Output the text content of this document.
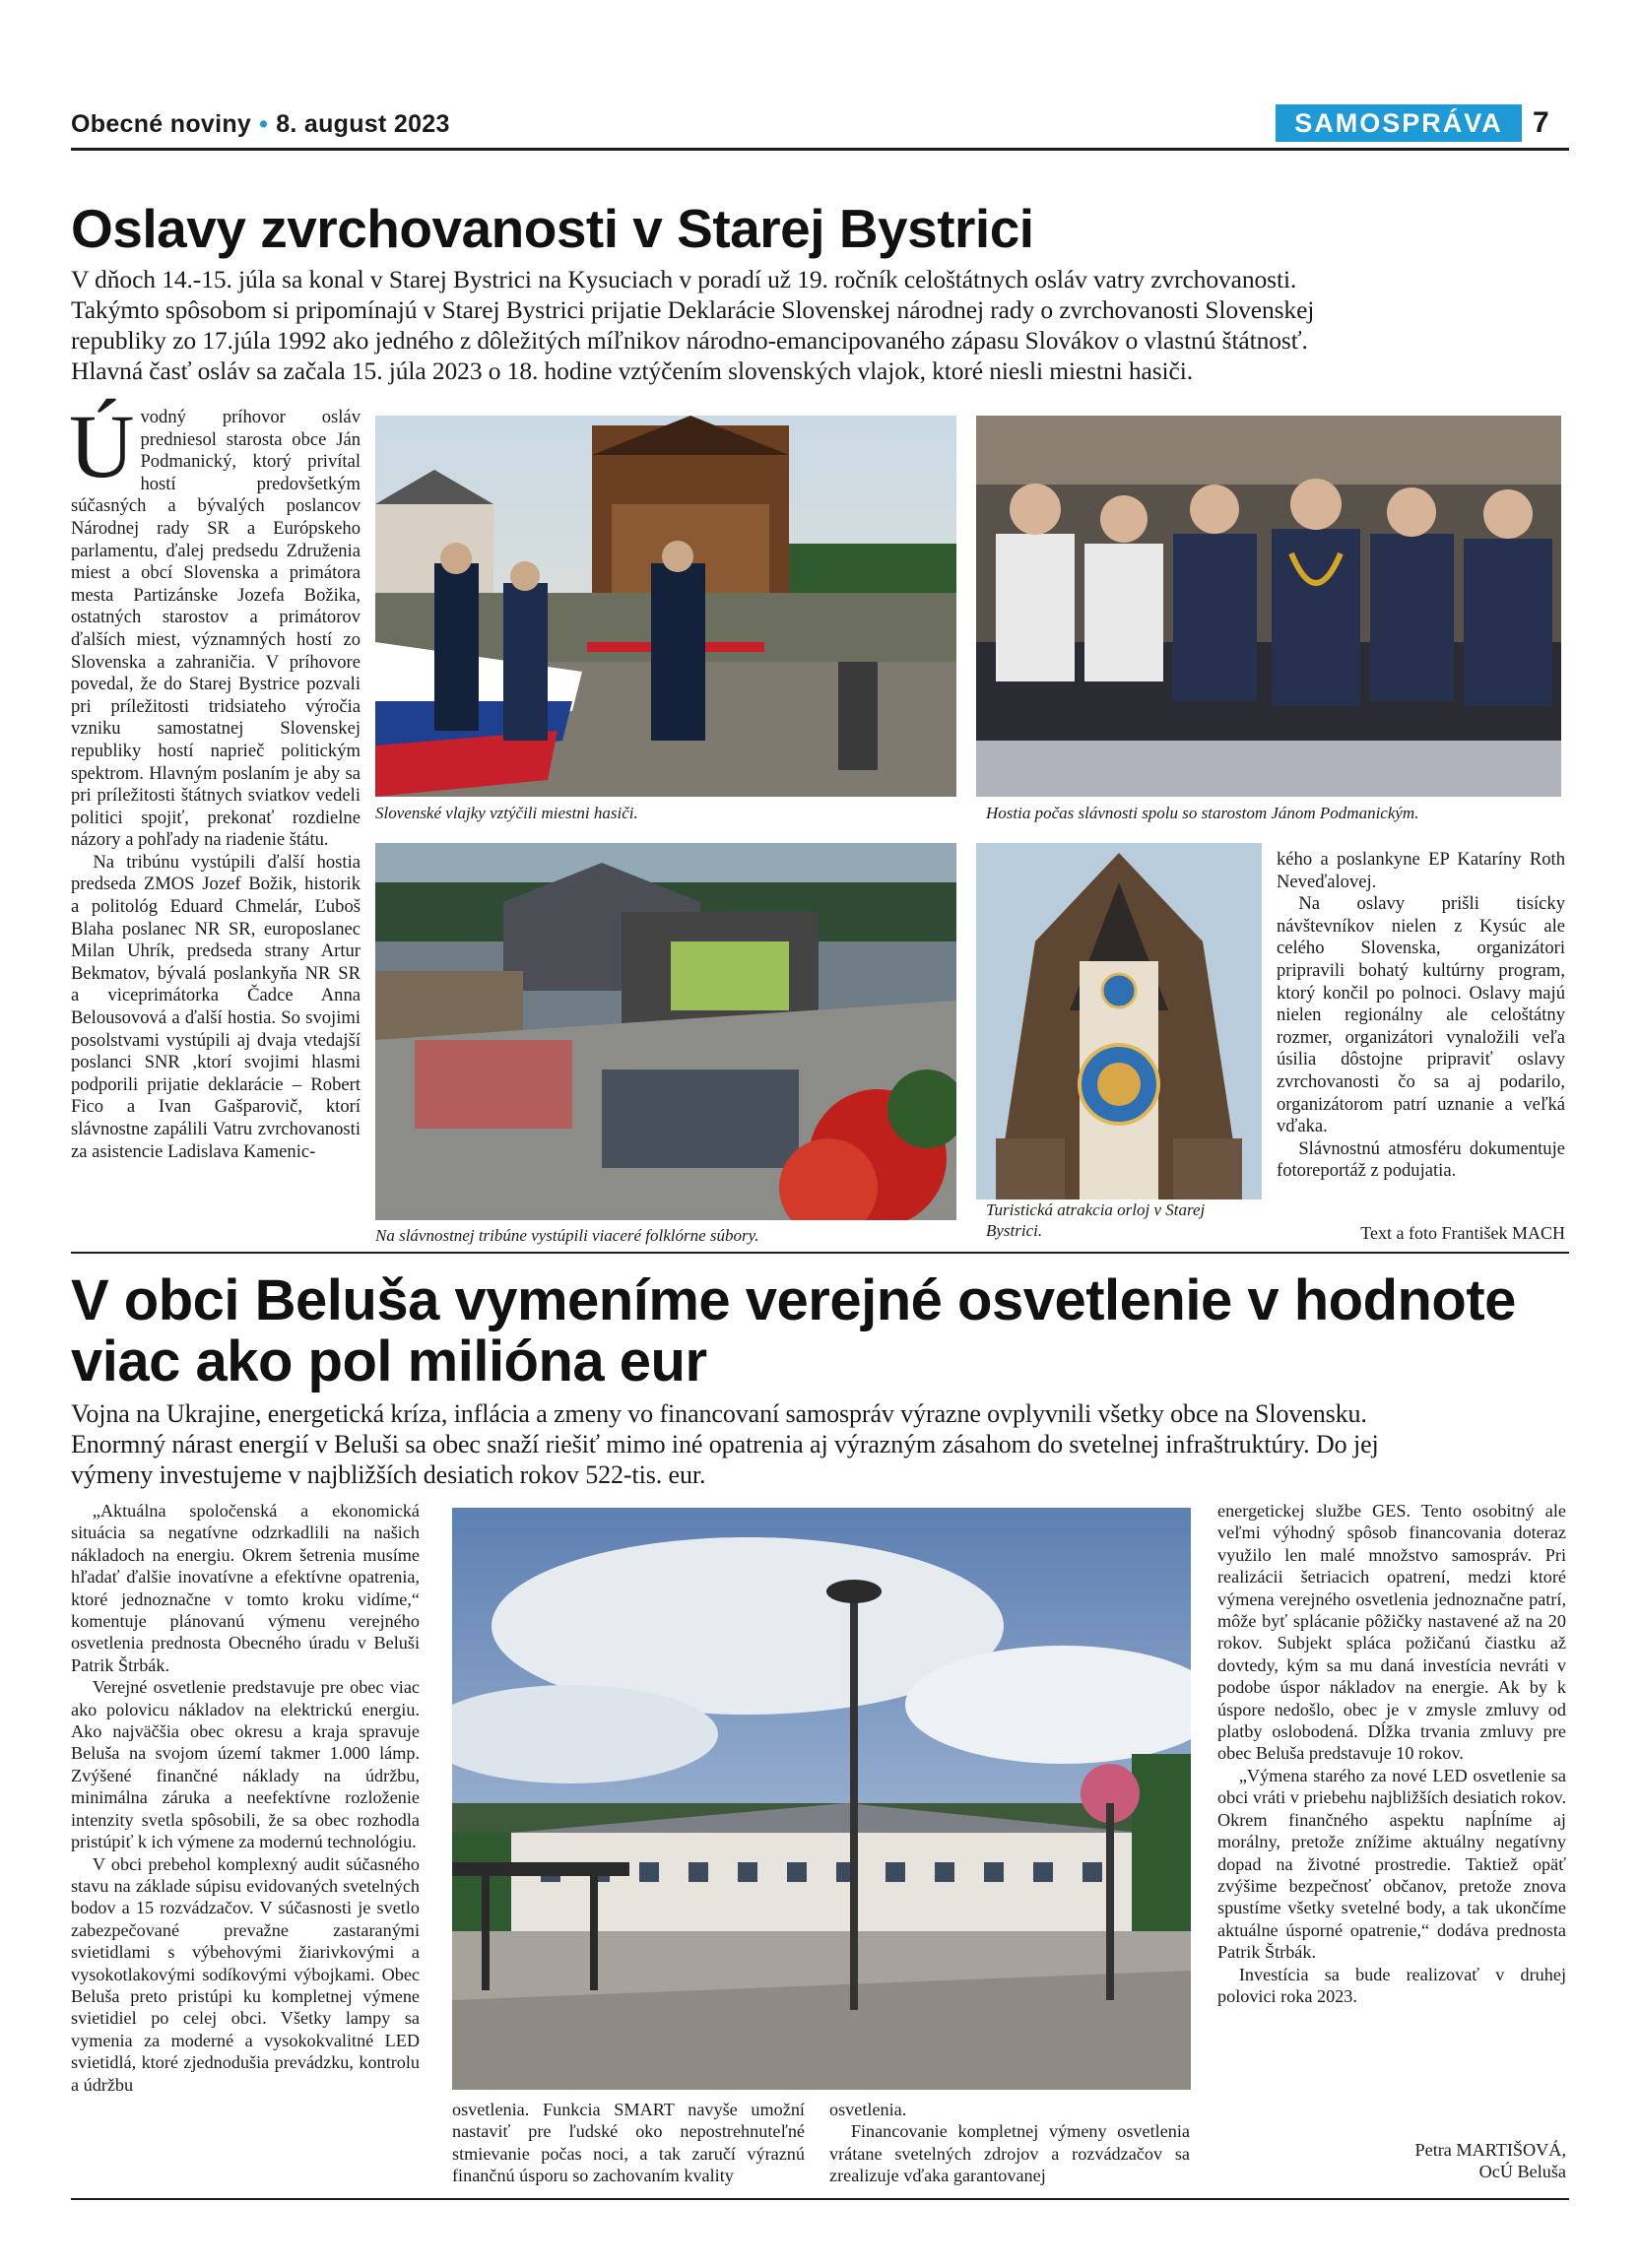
Obecné noviny • 8. august 2023	SAMOSPRÁVA	7
Oslavy zvrchovanosti v Starej Bystrici
V dňoch 14.-15. júla sa konal v Starej Bystrici na Kysuciach v poradí už 19. ročník celoštátnych osláv vatry zvrchovanosti.
Takýmto spôsobom si pripomínajú v Starej Bystrici prijatie Deklarácie Slovenskej národnej rady o zvrchovanosti Slovenskej
republiky zo 17.júla 1992 ako jedného z dôležitých míľnikov národno-emancipovaného zápasu Slovákov o vlastnú štátnosť.
Hlavná časť osláv sa začala 15. júla 2023 o 18. hodine vztýčením slovenských vlajok, ktoré niesli miestni hasiči.

Úvodný príhovor osláv predniesol starosta obce Ján Podmanický, ktorý privítal hostí predovšetkým súčasných a bývalých poslancov Národnej rady SR a Európskeho parlamentu, ďalej predsedu Združenia miest a obcí Slovenska a primátora mesta Partizánske Jozefa Božika, ostatných starostov a primátorov ďalších miest, významných hostí zo Slovenska a zahraničia. V príhovore povedal, že do Starej Bystrice pozvali pri príležitosti tridsiateho výročia vzniku samostatnej Slovenskej republiky hostí naprieč politickým spektrom. Hlavným poslaním je aby sa pri príležitosti štátnych sviatkov vedeli politici spojiť, prekonať rozdielne názory a pohľady na riadenie štátu.

Na tribúnu vystúpili ďalší hostia predseda ZMOS Jozef Božik, historik a politológ Eduard Chmelár, Ľuboš Blaha poslanec NR SR, europoslanec Milan Uhrík, predseda strany Artur Bekmatov, bývalá poslankyňa NR SR a viceprimátorka Čadce Anna Belousovová a ďalší hostia. So svojimi posolstvami vystúpili aj dvaja vtedajší poslanci SNR ,ktorí svojimi hlasmi podporili prijatie deklarácie – Robert Fico a Ivan Gašparovič, ktorí slávnostne zapálili Vatru zvrchovanosti za asistencie Ladislava Kamenic-

Slovenské vlajky vztýčili miestni hasiči.	Hostia počas slávnosti spolu so starostom Jánom Podmanickým.
Na slávnostnej tribúne vystúpili viaceré folklórne súbory.
Turistická atrakcia orloj v Starej Bystrici.

kého a poslankyne EP Kataríny Roth Neveďalovej.

Na oslavy prišli tisícky návštevníkov nielen z Kysúc ale celého Slovenska, organizátori pripravili bohatý kultúrny program, ktorý končil po polnoci. Oslavy majú nielen regionálny ale celoštátny rozmer, organizátori vynaložili veľa úsilia dôstojne pripraviť oslavy zvrchovanosti čo sa aj podarilo, organizátorom patrí uznanie a veľká vďaka.

Slávnostnú atmosféru dokumentuje fotoreportáž z podujatia.

Text a foto František MACH
V obci Beluša vymeníme verejné osvetlenie v hodnote
viac ako pol milióna eur
Vojna na Ukrajine, energetická kríza, inflácia a zmeny vo financovaní samospráv výrazne ovplyvnili všetky obce na Slovensku.
Enormný nárast energií v Beluši sa obec snaží riešiť mimo iné opatrenia aj výrazným zásahom do svetelnej infraštruktúry. Do jej
výmeny investujeme v najbližších desiatich rokov 522-tis. eur.

„Aktuálna spoločenská a ekonomická situácia sa negatívne odzrkadlili na našich nákladoch na energiu. Okrem šetrenia musíme hľadať ďalšie inovatívne a efektívne opatrenia, ktoré jednoznačne v tomto kroku vidíme,“ komentuje plánovanú výmenu verejného osvetlenia prednosta Obecného úradu v Beluši Patrik Štrbák.

Verejné osvetlenie predstavuje pre obec viac ako polovicu nákladov na elektrickú energiu. Ako najväčšia obec okresu a kraja spravuje Beluša na svojom území takmer 1.000 lámp. Zvýšené finančné náklady na údržbu, minimálna záruka a neefektívne rozloženie intenzity svetla spôsobili, že sa obec rozhodla pristúpiť k ich výmene za modernú technológiu.

V obci prebehol komplexný audit súčasného stavu na základe súpisu evidovaných svetelných bodov a 15 rozvádzačov. V súčasnosti je svetlo zabezpečované prevažne zastaranými svietidlami s výbehovými žiarivkovými a vysokotlakovými sodíkovými výbojkami. Obec Beluša preto pristúpi ku kompletnej výmene svietidiel po celej obci. Všetky lampy sa vymenia za moderné a vysokokvalitné LED svietidlá, ktoré zjednodušia prevádzku, kontrolu a údržbu

osvetlenia. Funkcia SMART navyše umožní nastaviť pre ľudské oko nepostrehnuteľné stmievanie počas noci, a tak zaručí výraznú finančnú úsporu so zachovaním kvality

osvetlenia.

Financovanie kompletnej výmeny osvetlenia vrátane svetelných zdrojov a rozvádzačov sa zrealizuje vďaka garantovanej

energetickej službe GES. Tento osobitný ale veľmi výhodný spôsob financovania doteraz využilo len malé množstvo samospráv. Pri realizácii šetriacich opatrení, medzi ktoré výmena verejného osvetlenia jednoznačne patrí, môže byť splácanie pôžičky nastavené až na 20 rokov. Subjekt spláca požičanú čiastku až dovtedy, kým sa mu daná investícia nevráti v podobe úspor nákladov na energie. Ak by k úspore nedošlo, obec je v zmysle zmluvy od platby oslobodená. Dĺžka trvania zmluvy pre obec Beluša predstavuje 10 rokov.

„Výmena starého za nové LED osvetlenie sa obci vráti v priebehu najbližších desiatich rokov. Okrem finančného aspektu napĺníme aj morálny, pretože znížime aktuálny negatívny dopad na životné prostredie. Taktiež opäť zvýšime bezpečnosť občanov, pretože znova spustíme všetky svetelné body, a tak ukončíme aktuálne úsporné opatrenie,“ dodáva prednosta Patrik Štrbák.

Investícia sa bude realizovať v druhej polovici roka 2023.

Petra MARTIŠOVÁ,
OcÚ Beluša
